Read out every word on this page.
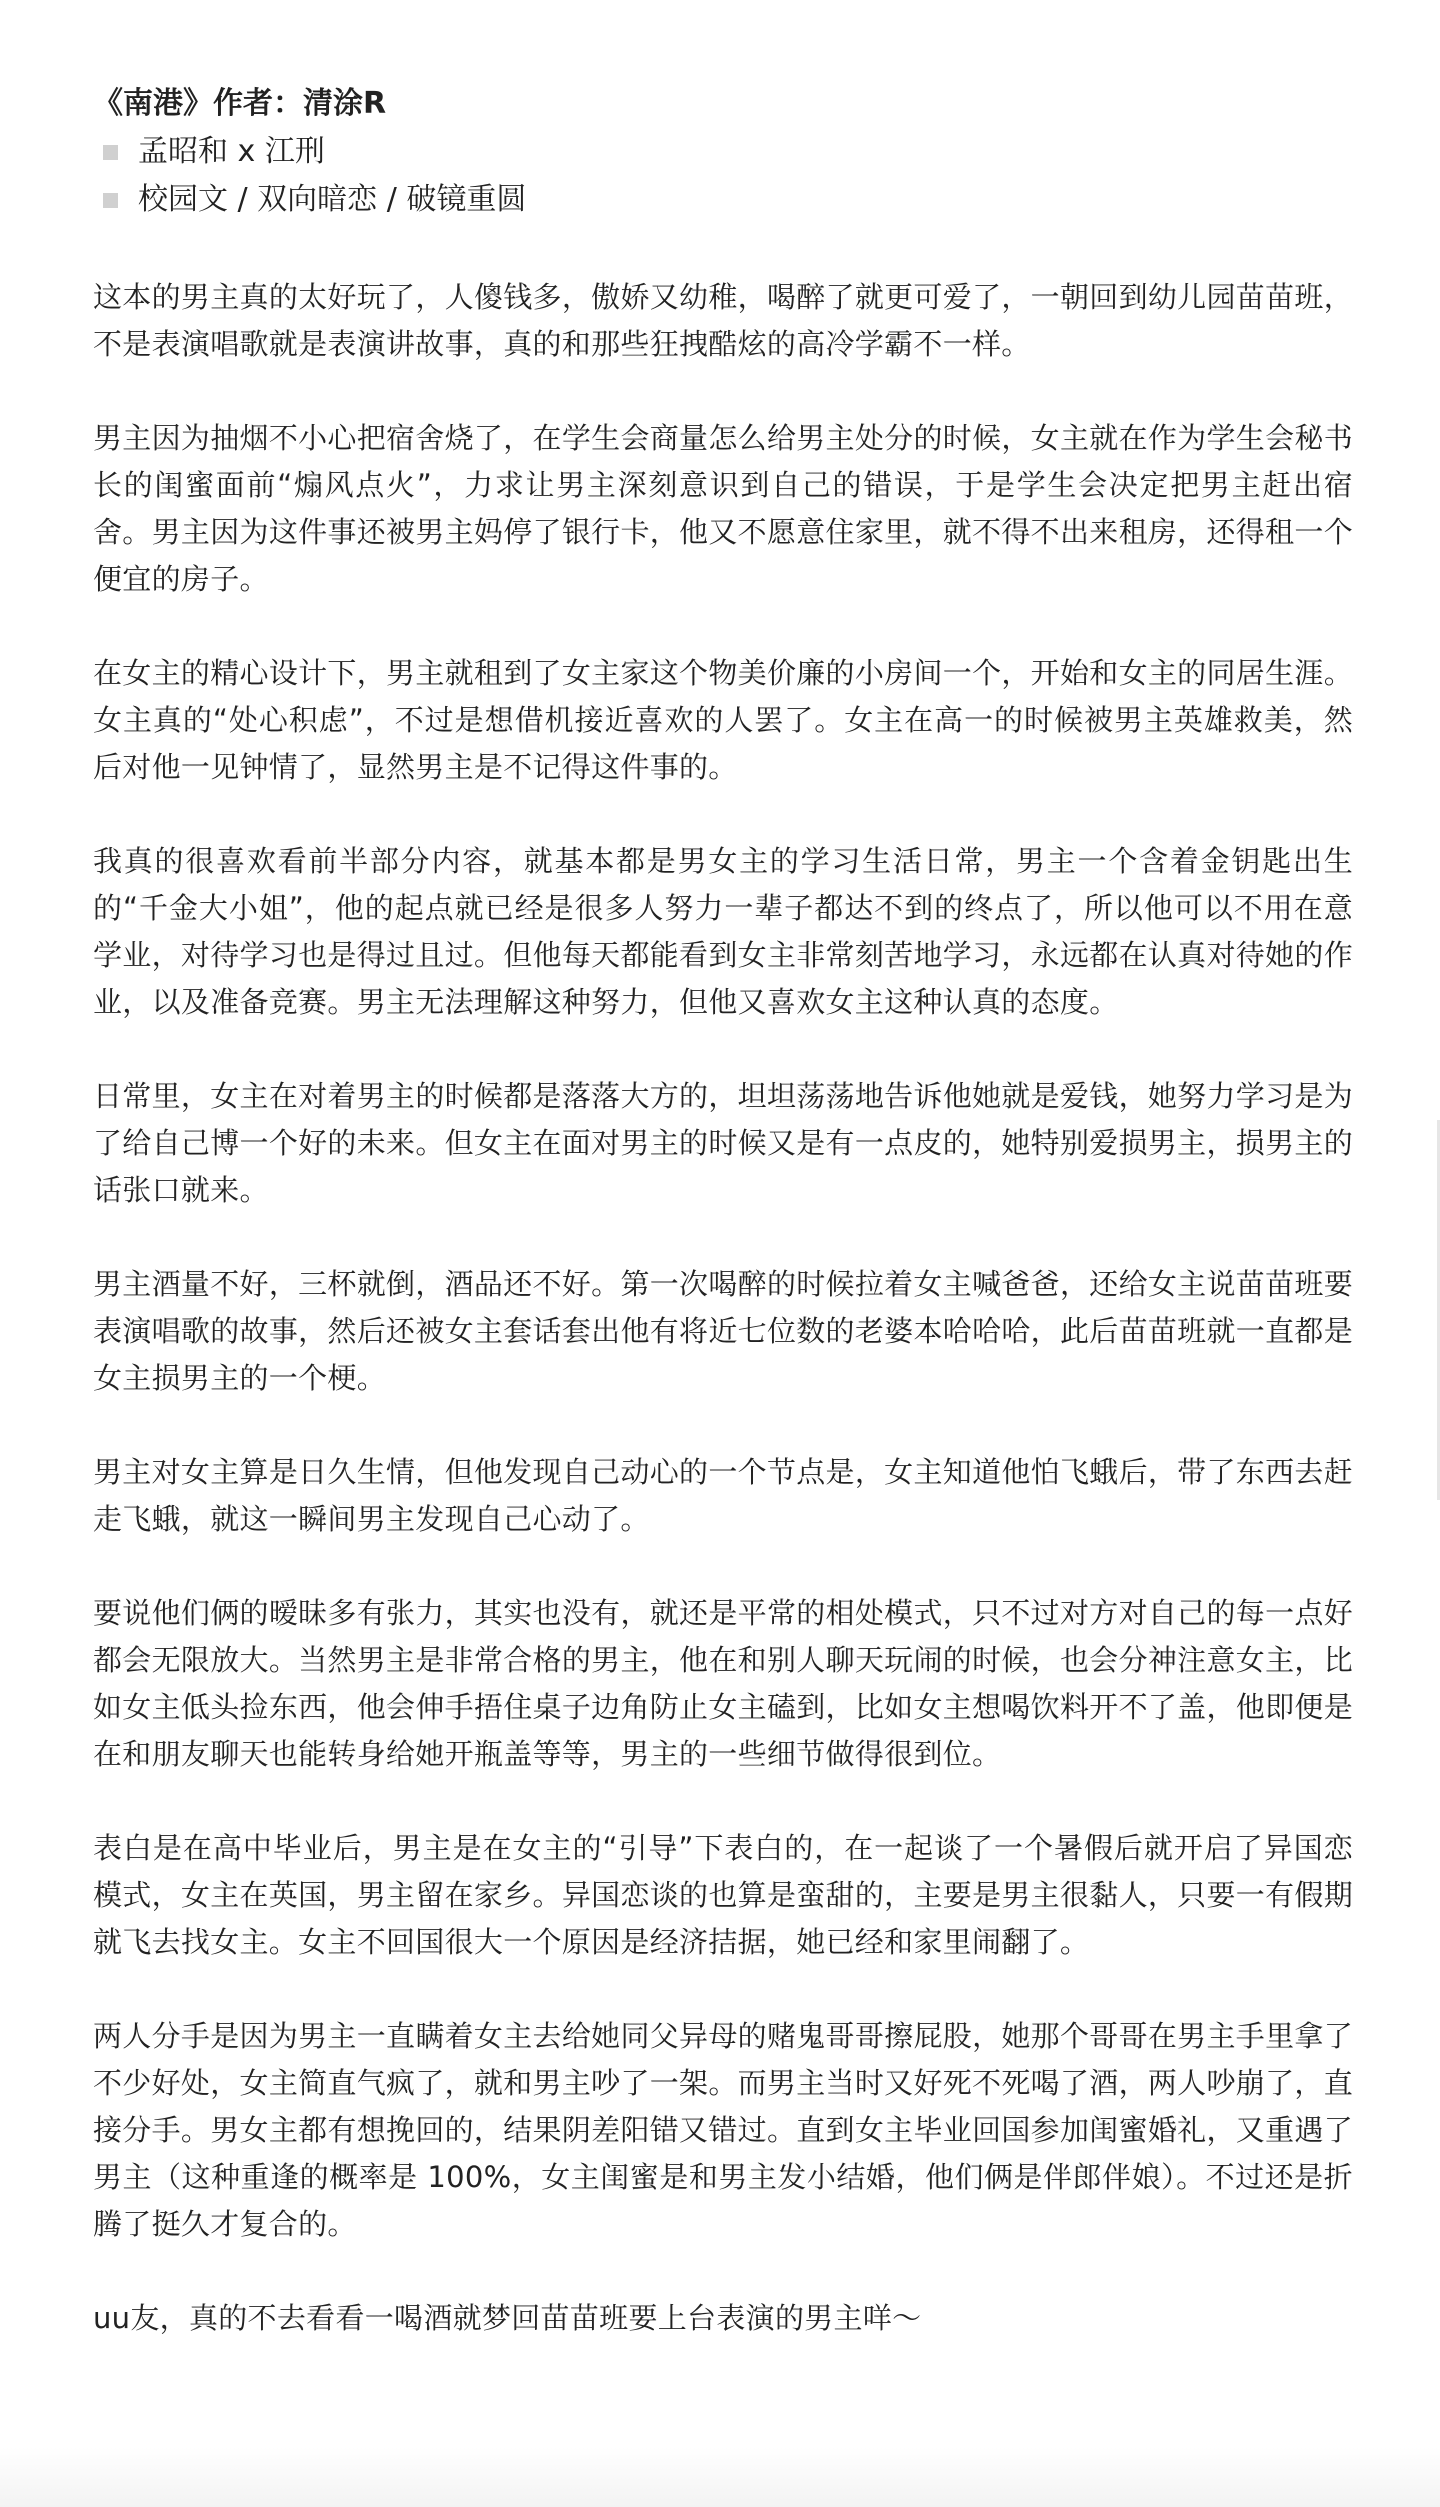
《南港》作者：清涂R
孟昭和 x 江刑
校园文 / 双向暗恋 / 破镜重圆

这本的男主真的太好玩了，人傻钱多，傲娇又幼稚，喝醉了就更可爱了，一朝回到幼儿园苗苗班，不是表演唱歌就是表演讲故事，真的和那些狂拽酷炫的高冷学霸不一样。

男主因为抽烟不小心把宿舍烧了，在学生会商量怎么给男主处分的时候，女主就在作为学生会秘书长的闺蜜面前“煽风点火”，力求让男主深刻意识到自己的错误，于是学生会决定把男主赶出宿舍。男主因为这件事还被男主妈停了银行卡，他又不愿意住家里，就不得不出来租房，还得租一个便宜的房子。

在女主的精心设计下，男主就租到了女主家这个物美价廉的小房间一个，开始和女主的同居生涯。女主真的“处心积虑”，不过是想借机接近喜欢的人罢了。女主在高一的时候被男主英雄救美，然后对他一见钟情了，显然男主是不记得这件事的。

我真的很喜欢看前半部分内容，就基本都是男女主的学习生活日常，男主一个含着金钥匙出生的“千金大小姐”，他的起点就已经是很多人努力一辈子都达不到的终点了，所以他可以不用在意学业，对待学习也是得过且过。但他每天都能看到女主非常刻苦地学习，永远都在认真对待她的作业，以及准备竞赛。男主无法理解这种努力，但他又喜欢女主这种认真的态度。

日常里，女主在对着男主的时候都是落落大方的，坦坦荡荡地告诉他她就是爱钱，她努力学习是为了给自己博一个好的未来。但女主在面对男主的时候又是有一点皮的，她特别爱损男主，损男主的话张口就来。

男主酒量不好，三杯就倒，酒品还不好。第一次喝醉的时候拉着女主喊爸爸，还给女主说苗苗班要表演唱歌的故事，然后还被女主套话套出他有将近七位数的老婆本哈哈哈，此后苗苗班就一直都是女主损男主的一个梗。

男主对女主算是日久生情，但他发现自己动心的一个节点是，女主知道他怕飞蛾后，带了东西去赶走飞蛾，就这一瞬间男主发现自己心动了。

要说他们俩的暧昧多有张力，其实也没有，就还是平常的相处模式，只不过对方对自己的每一点好都会无限放大。当然男主是非常合格的男主，他在和别人聊天玩闹的时候，也会分神注意女主，比如女主低头捡东西，他会伸手捂住桌子边角防止女主磕到，比如女主想喝饮料开不了盖，他即便是在和朋友聊天也能转身给她开瓶盖等等，男主的一些细节做得很到位。

表白是在高中毕业后，男主是在女主的“引导”下表白的，在一起谈了一个暑假后就开启了异国恋模式，女主在英国，男主留在家乡。异国恋谈的也算是蛮甜的，主要是男主很黏人，只要一有假期就飞去找女主。女主不回国很大一个原因是经济拮据，她已经和家里闹翻了。

两人分手是因为男主一直瞒着女主去给她同父异母的赌鬼哥哥擦屁股，她那个哥哥在男主手里拿了不少好处，女主简直气疯了，就和男主吵了一架。而男主当时又好死不死喝了酒，两人吵崩了，直接分手。男女主都有想挽回的，结果阴差阳错又错过。直到女主毕业回国参加闺蜜婚礼，又重遇了男主（这种重逢的概率是 100%，女主闺蜜是和男主发小结婚，他们俩是伴郎伴娘）。不过还是折腾了挺久才复合的。

uu友，真的不去看看一喝酒就梦回苗苗班要上台表演的男主咩～
